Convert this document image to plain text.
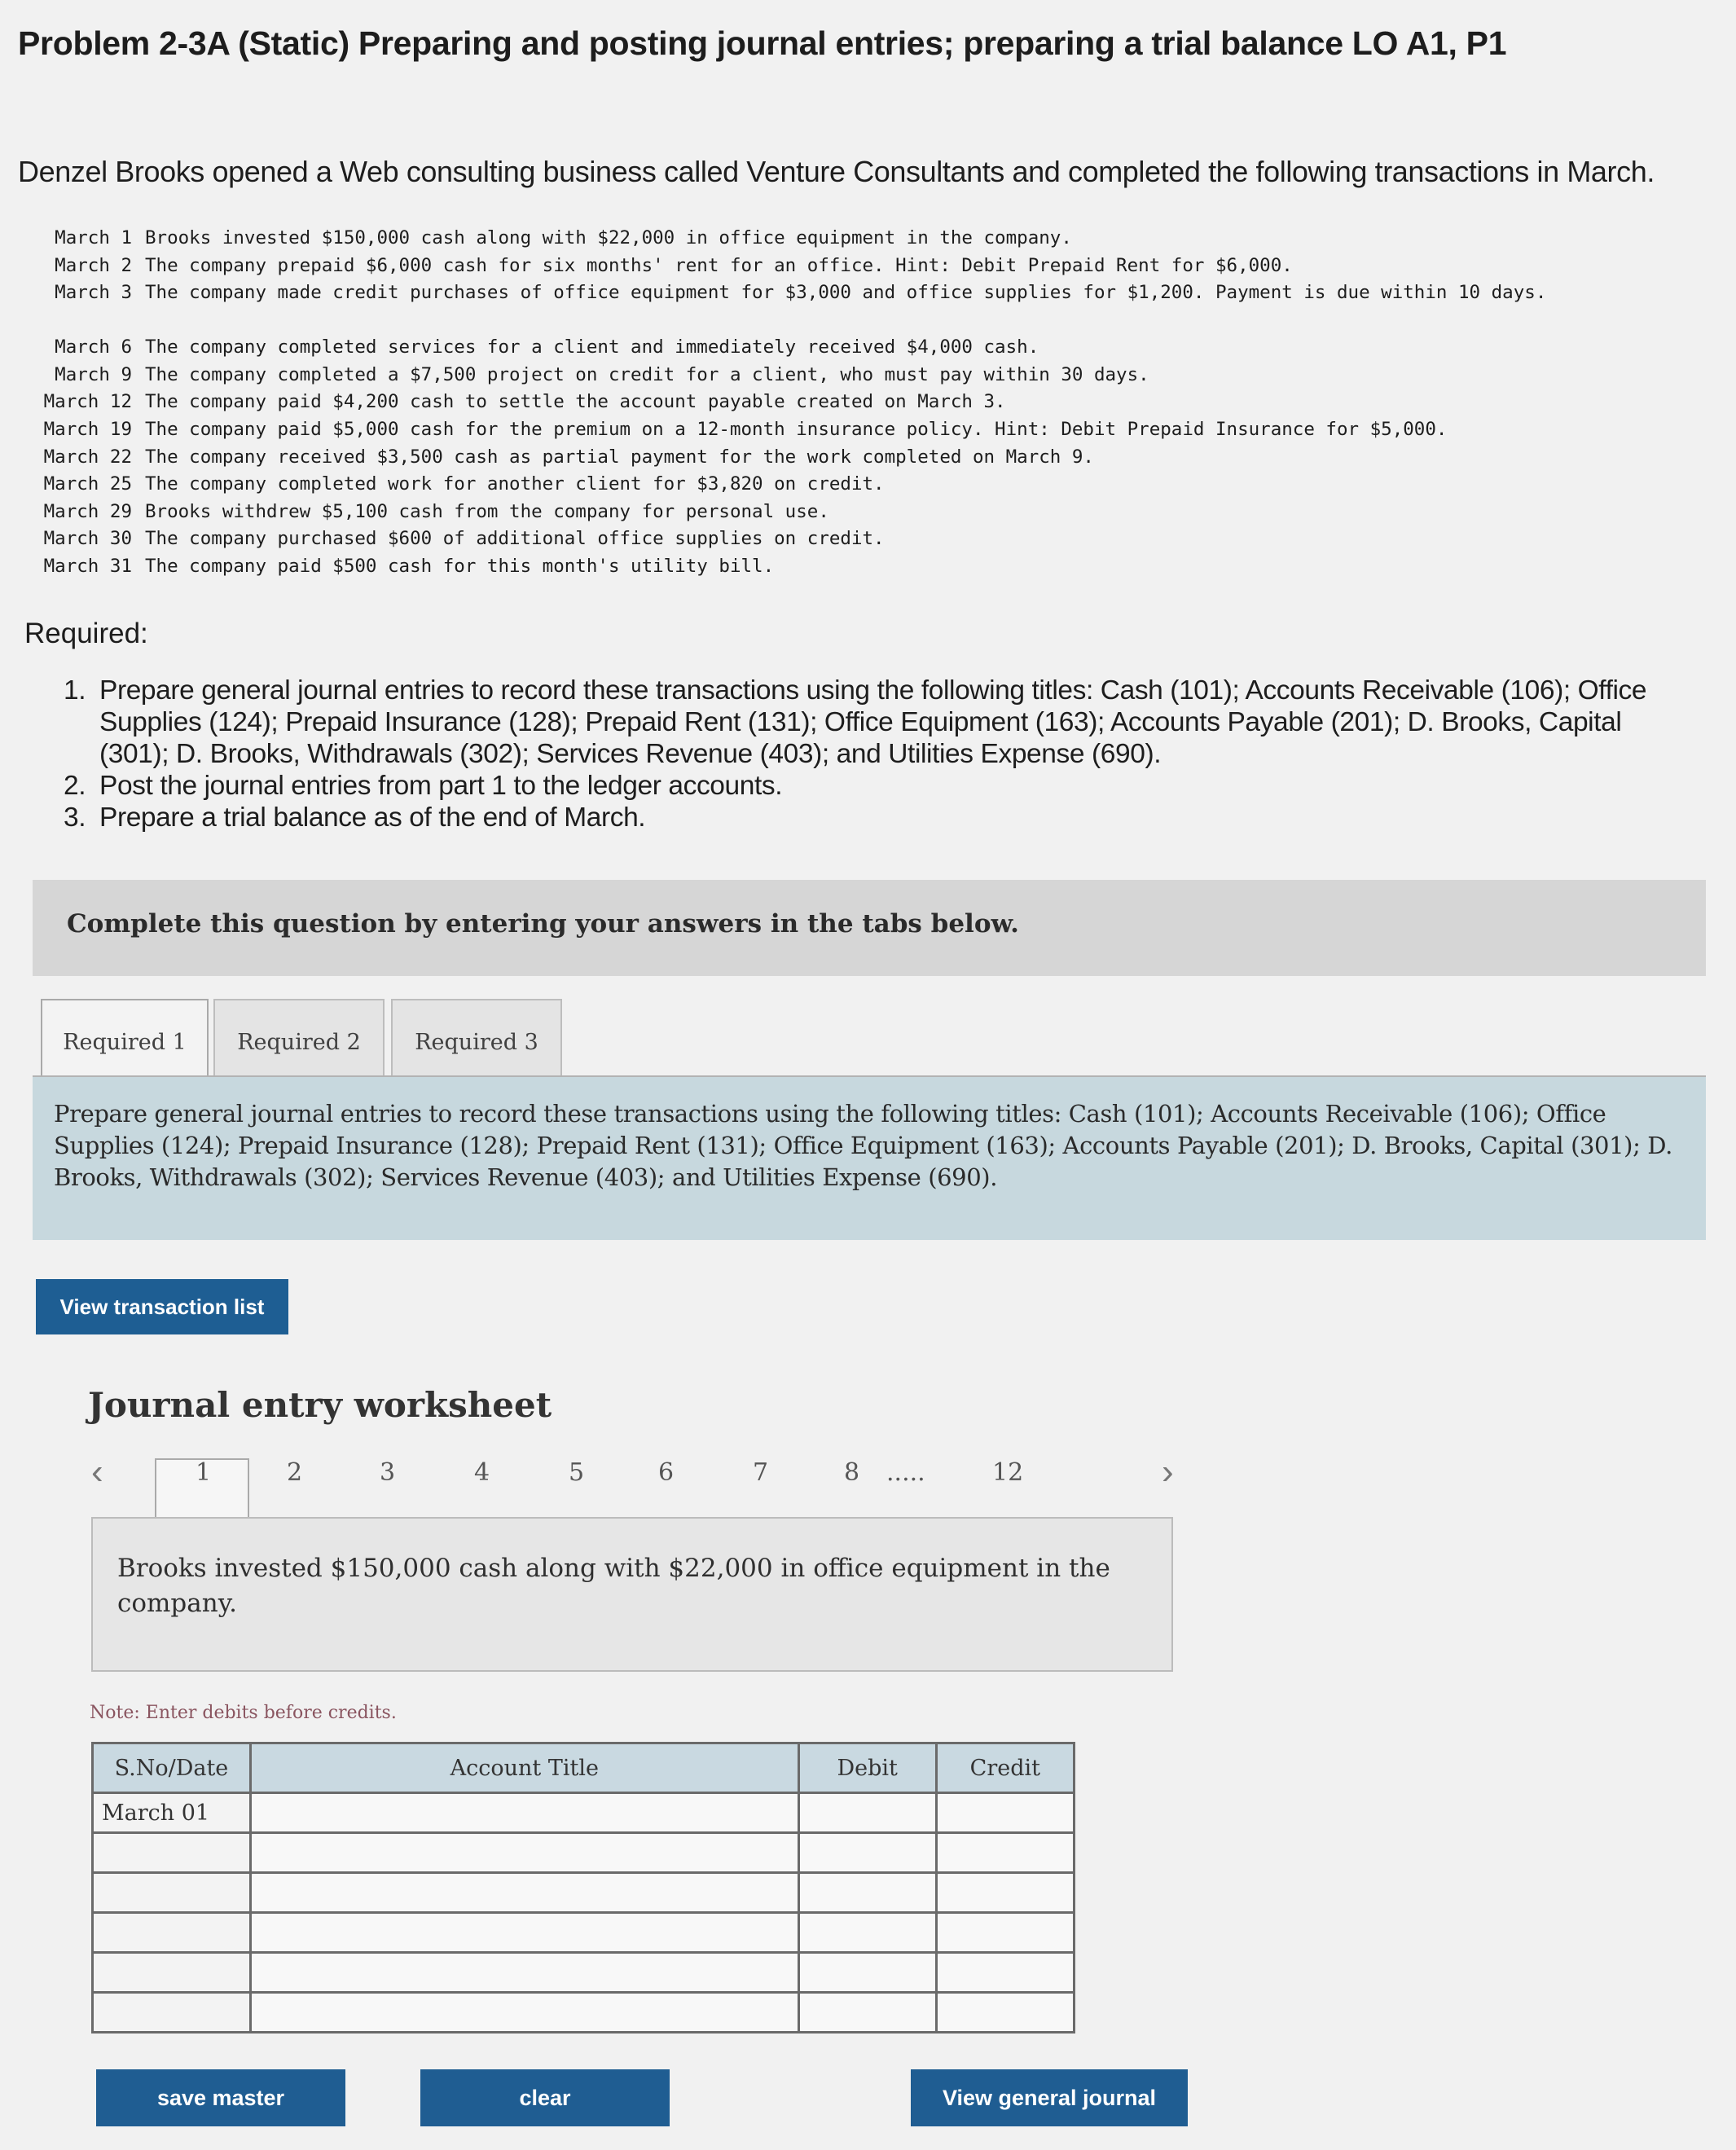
Problem 2-3A (Static) Preparing and posting journal entries; preparing a trial balance LO A1, P1
Denzel Brooks opened a Web consulting business called Venture Consultants and completed the following transactions in March.
March 1 Brooks invested $150,000 cash along with $22,000 in office equipment in the company.
March 2 The company prepaid $6,000 cash for six months' rent for an office. Hint: Debit Prepaid Rent for $6,000.
March 3 The company made credit purchases of office equipment for $3,000 and office supplies for $1,200. Payment is due within 10 days.
March 6 The company completed services for a client and immediately received $4,000 cash.
March 9 The company completed a $7,500 project on credit for a client, who must pay within 30 days.
March 12 The company paid $4,200 cash to settle the account payable created on March 3.
March 19 The company paid $5,000 cash for the premium on a 12-month insurance policy. Hint: Debit Prepaid Insurance for $5,000.
March 22 The company received $3,500 cash as partial payment for the work completed on March 9.
March 25 The company completed work for another client for $3,820 on credit.
March 29 Brooks withdrew $5,100 cash from the company for personal use.
March 30 The company purchased $600 of additional office supplies on credit.
March 31 The company paid $500 cash for this month's utility bill.
Required:
1. Prepare general journal entries to record these transactions using the following titles: Cash (101); Accounts Receivable (106); Office Supplies (124); Prepaid Insurance (128); Prepaid Rent (131); Office Equipment (163); Accounts Payable (201); D. Brooks, Capital (301); D. Brooks, Withdrawals (302); Services Revenue (403); and Utilities Expense (690).
2. Post the journal entries from part 1 to the ledger accounts.
3. Prepare a trial balance as of the end of March.
Complete this question by entering your answers in the tabs below.
Required 1	Required 2	Required 3
Prepare general journal entries to record these transactions using the following titles: Cash (101); Accounts Receivable (106); Office Supplies (124); Prepaid Insurance (128); Prepaid Rent (131); Office Equipment (163); Accounts Payable (201); D. Brooks, Capital (301); D. Brooks, Withdrawals (302); Services Revenue (403); and Utilities Expense (690).
View transaction list
Journal entry worksheet
‹	1	2	3	4	5	6	7	8 .....	12	›
Brooks invested $150,000 cash along with $22,000 in office equipment in the company.
Note: Enter debits before credits.
S.No/Date	Account Title	Debit	Credit
March 01			

save master	clear	View general journal
